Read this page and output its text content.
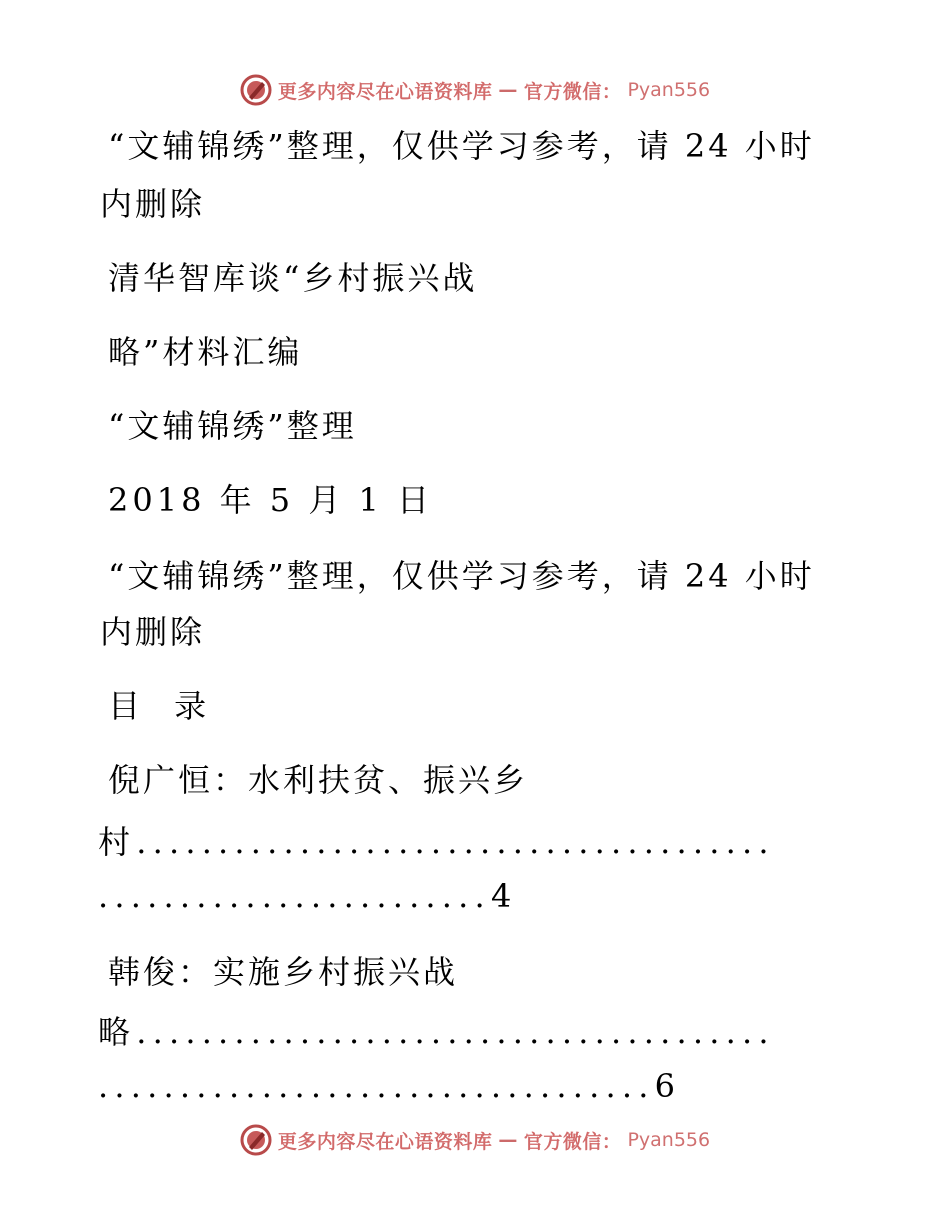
更多内容尽在心语资料库 — 官方微信： Pyan556
“文辅锦绣”整理，仅供学习参考，请 24 小时
内删除
清华智库谈“乡村振兴战
略”材料汇编
“文辅锦绣”整理
2018 年 5 月 1 日
“文辅锦绣”整理，仅供学习参考，请 24 小时
内删除
目 录
倪广恒：水利扶贫、振兴乡
村.......................................
........................4
韩俊：实施乡村振兴战
略.......................................
..................................6
更多内容尽在心语资料库 — 官方微信： Pyan556
